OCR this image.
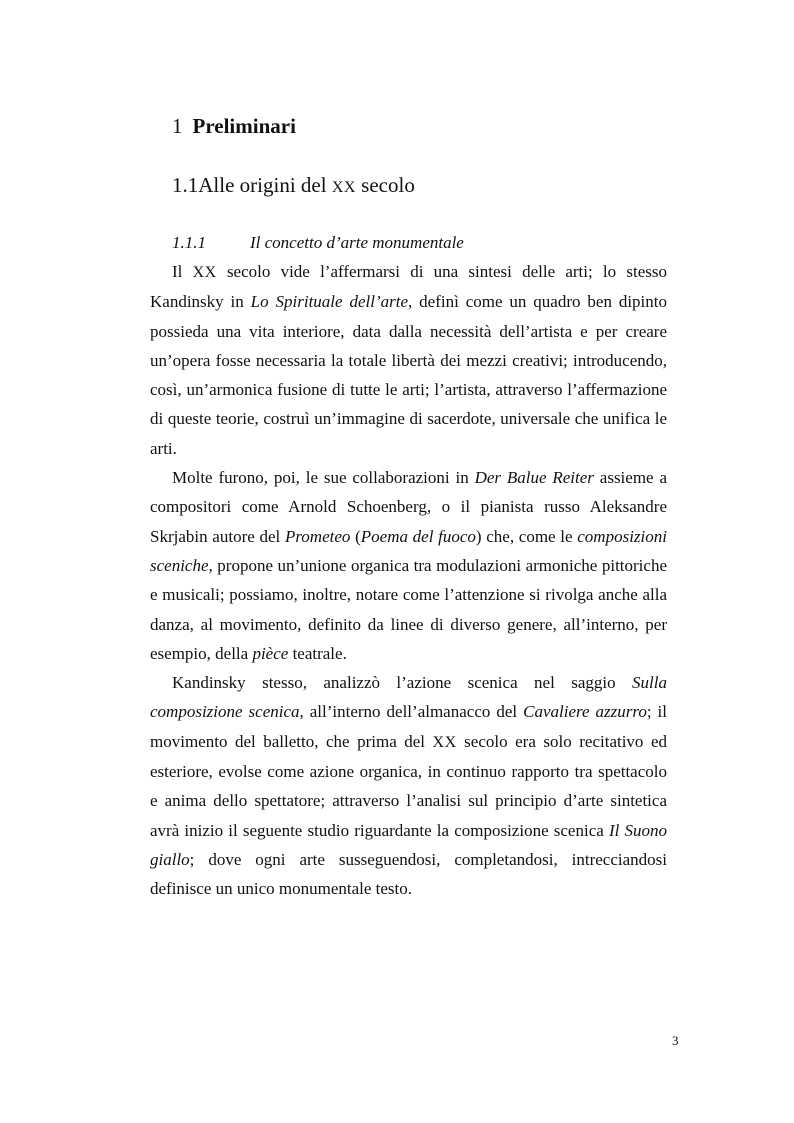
1 Preliminari
1.1Alle origini del XX secolo
1.1.1	Il concetto d’arte monumentale

Il XX secolo vide l’affermarsi di una sintesi delle arti; lo stesso Kandinsky in Lo Spirituale dell’arte, definì come un quadro ben dipinto possieda una vita interiore, data dalla necessità dell’artista e per creare un’opera fosse necessaria la totale libertà dei mezzi creativi; introducendo, così, un’armonica fusione di tutte le arti; l’artista, attraverso l’affermazione di queste teorie, costruì un’immagine di sacerdote, universale che unifica le arti.

Molte furono, poi, le sue collaborazioni in Der Balue Reiter assieme a compositori come Arnold Schoenberg, o il pianista russo Aleksandre Skrjabin autore del Prometeo (Poema del fuoco) che, come le composizioni sceniche, propone un’unione organica tra modulazioni armoniche pittoriche e musicali; possiamo, inoltre, notare come l’attenzione si rivolga anche alla danza, al movimento, definito da linee di diverso genere, all’interno, per esempio, della pièce teatrale.

Kandinsky stesso, analizzò l’azione scenica nel saggio Sulla composizione scenica, all’interno dell’almanacco del Cavaliere azzurro; il movimento del balletto, che prima del XX secolo era solo recitativo ed esteriore, evolse come azione organica, in continuo rapporto tra spettacolo e anima dello spettatore; attraverso l’analisi sul principio d’arte sintetica avrà inizio il seguente studio riguardante la composizione scenica Il Suono giallo; dove ogni arte susseguendosi, completandosi, intrecciandosi definisce un unico monumentale testo.

3
